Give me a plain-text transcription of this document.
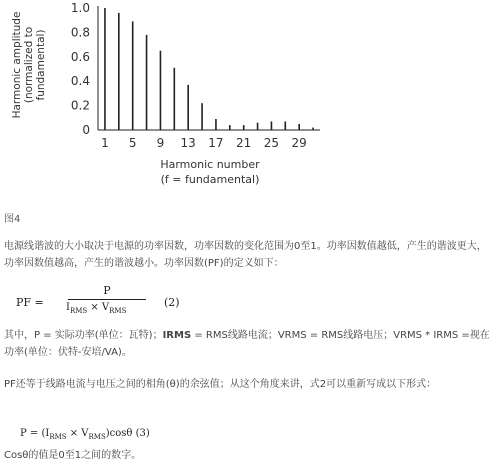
Harmonic amplitude (normalized to fundamental)
1.0
0.8
0.6
0.4
0.2
0
1 5 9 13 17 21 25 29
Harmonic number
(f = fundamental)
图4
电源线谐波的大小取决于电源的功率因数，功率因数的变化范围为0至1。功率因数值越低，产生的谐波更大，功率因数值越高，产生的谐波越小。功率因数(PF)的定义如下：
PF =
P
$I_{RMS} \times V_{RMS}$
(2)
其中，P = 实际功率(单位：瓦特)；IRMS = RMS线路电流；VRMS = RMS线路电压；VRMS * IRMS =视在功率(单位：伏特-安培/VA)。
PF还等于线路电流与电压之间的相角(θ)的余弦值；从这个角度来讲，式2可以重新写成以下形式：
$P = (I_{RMS} \times V_{RMS})\cos\theta$ (3)
Cosθ的值是0至1之间的数字。
